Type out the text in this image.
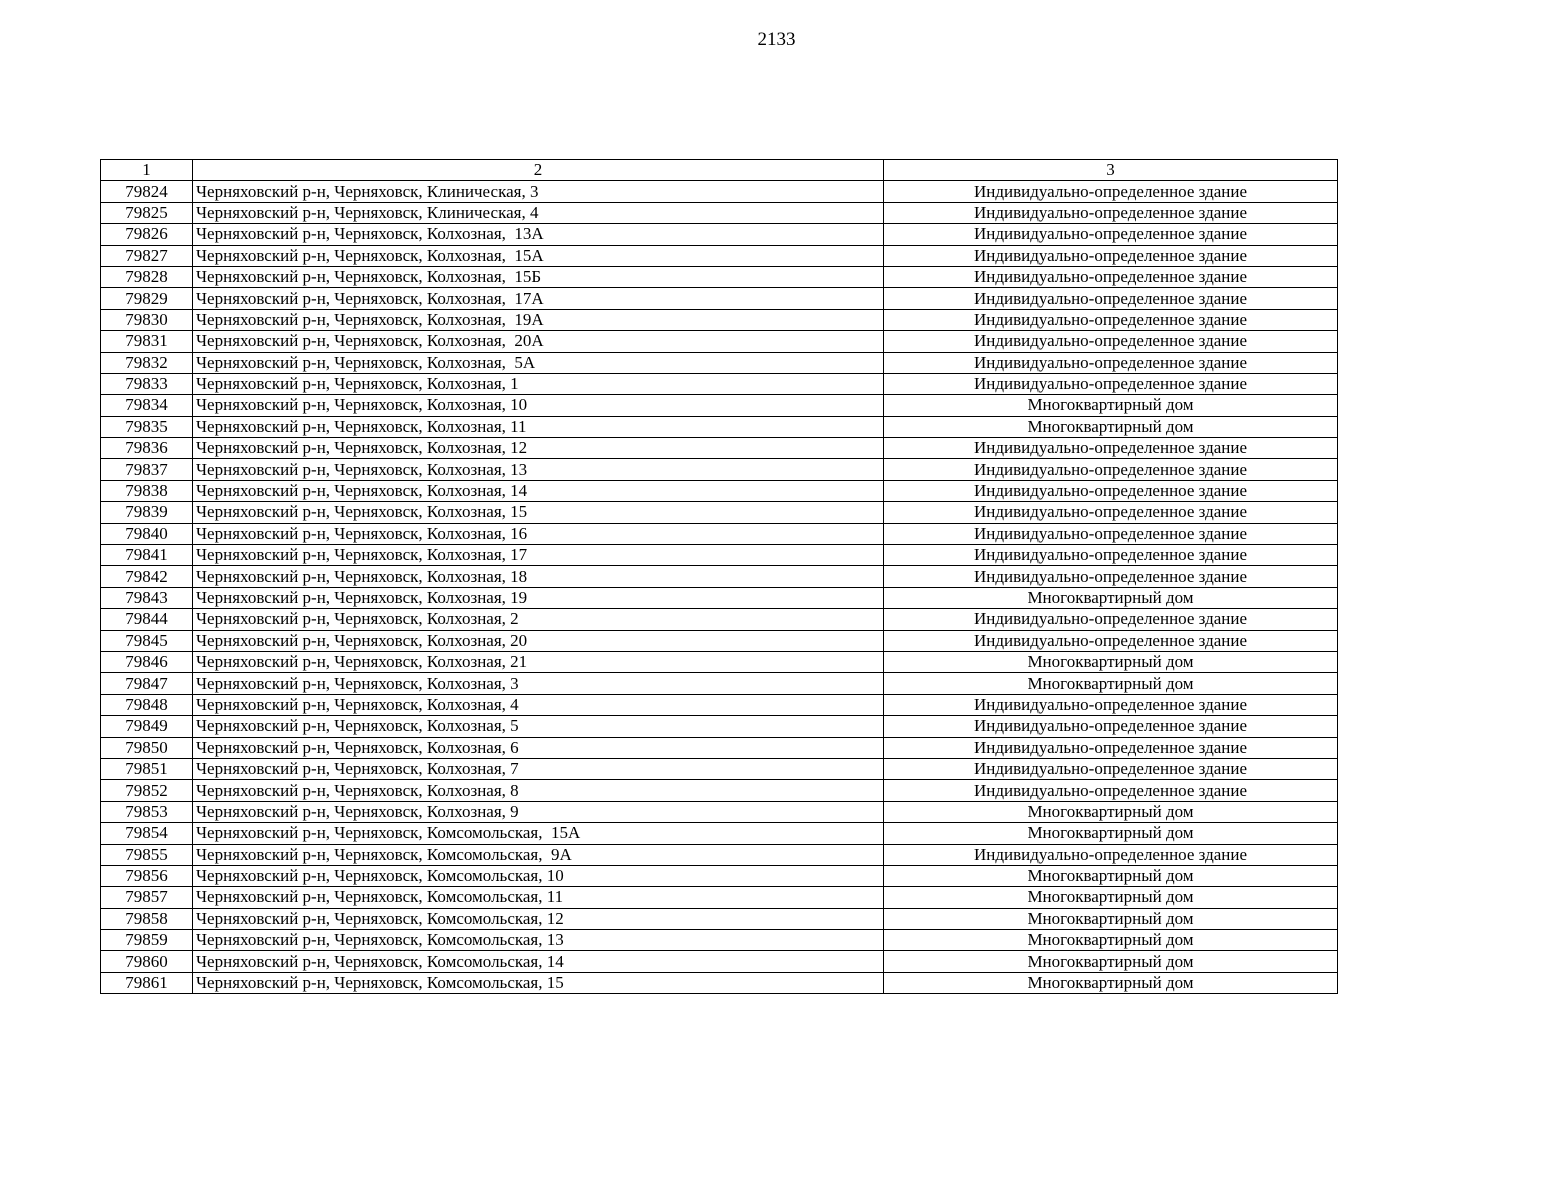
2133
1	2	3
79824	Черняховский р-н, Черняховск, Клиническая, 3	Индивидуально-определенное здание
79825	Черняховский р-н, Черняховск, Клиническая, 4	Индивидуально-определенное здание
79826	Черняховский р-н, Черняховск, Колхозная,  13А	Индивидуально-определенное здание
79827	Черняховский р-н, Черняховск, Колхозная,  15А	Индивидуально-определенное здание
79828	Черняховский р-н, Черняховск, Колхозная,  15Б	Индивидуально-определенное здание
79829	Черняховский р-н, Черняховск, Колхозная,  17А	Индивидуально-определенное здание
79830	Черняховский р-н, Черняховск, Колхозная,  19А	Индивидуально-определенное здание
79831	Черняховский р-н, Черняховск, Колхозная,  20А	Индивидуально-определенное здание
79832	Черняховский р-н, Черняховск, Колхозная,  5А	Индивидуально-определенное здание
79833	Черняховский р-н, Черняховск, Колхозная, 1	Индивидуально-определенное здание
79834	Черняховский р-н, Черняховск, Колхозная, 10	Многоквартирный дом
79835	Черняховский р-н, Черняховск, Колхозная, 11	Многоквартирный дом
79836	Черняховский р-н, Черняховск, Колхозная, 12	Индивидуально-определенное здание
79837	Черняховский р-н, Черняховск, Колхозная, 13	Индивидуально-определенное здание
79838	Черняховский р-н, Черняховск, Колхозная, 14	Индивидуально-определенное здание
79839	Черняховский р-н, Черняховск, Колхозная, 15	Индивидуально-определенное здание
79840	Черняховский р-н, Черняховск, Колхозная, 16	Индивидуально-определенное здание
79841	Черняховский р-н, Черняховск, Колхозная, 17	Индивидуально-определенное здание
79842	Черняховский р-н, Черняховск, Колхозная, 18	Индивидуально-определенное здание
79843	Черняховский р-н, Черняховск, Колхозная, 19	Многоквартирный дом
79844	Черняховский р-н, Черняховск, Колхозная, 2	Индивидуально-определенное здание
79845	Черняховский р-н, Черняховск, Колхозная, 20	Индивидуально-определенное здание
79846	Черняховский р-н, Черняховск, Колхозная, 21	Многоквартирный дом
79847	Черняховский р-н, Черняховск, Колхозная, 3	Многоквартирный дом
79848	Черняховский р-н, Черняховск, Колхозная, 4	Индивидуально-определенное здание
79849	Черняховский р-н, Черняховск, Колхозная, 5	Индивидуально-определенное здание
79850	Черняховский р-н, Черняховск, Колхозная, 6	Индивидуально-определенное здание
79851	Черняховский р-н, Черняховск, Колхозная, 7	Индивидуально-определенное здание
79852	Черняховский р-н, Черняховск, Колхозная, 8	Индивидуально-определенное здание
79853	Черняховский р-н, Черняховск, Колхозная, 9	Многоквартирный дом
79854	Черняховский р-н, Черняховск, Комсомольская,  15А	Многоквартирный дом
79855	Черняховский р-н, Черняховск, Комсомольская,  9А	Индивидуально-определенное здание
79856	Черняховский р-н, Черняховск, Комсомольская, 10	Многоквартирный дом
79857	Черняховский р-н, Черняховск, Комсомольская, 11	Многоквартирный дом
79858	Черняховский р-н, Черняховск, Комсомольская, 12	Многоквартирный дом
79859	Черняховский р-н, Черняховск, Комсомольская, 13	Многоквартирный дом
79860	Черняховский р-н, Черняховск, Комсомольская, 14	Многоквартирный дом
79861	Черняховский р-н, Черняховск, Комсомольская, 15	Многоквартирный дом
